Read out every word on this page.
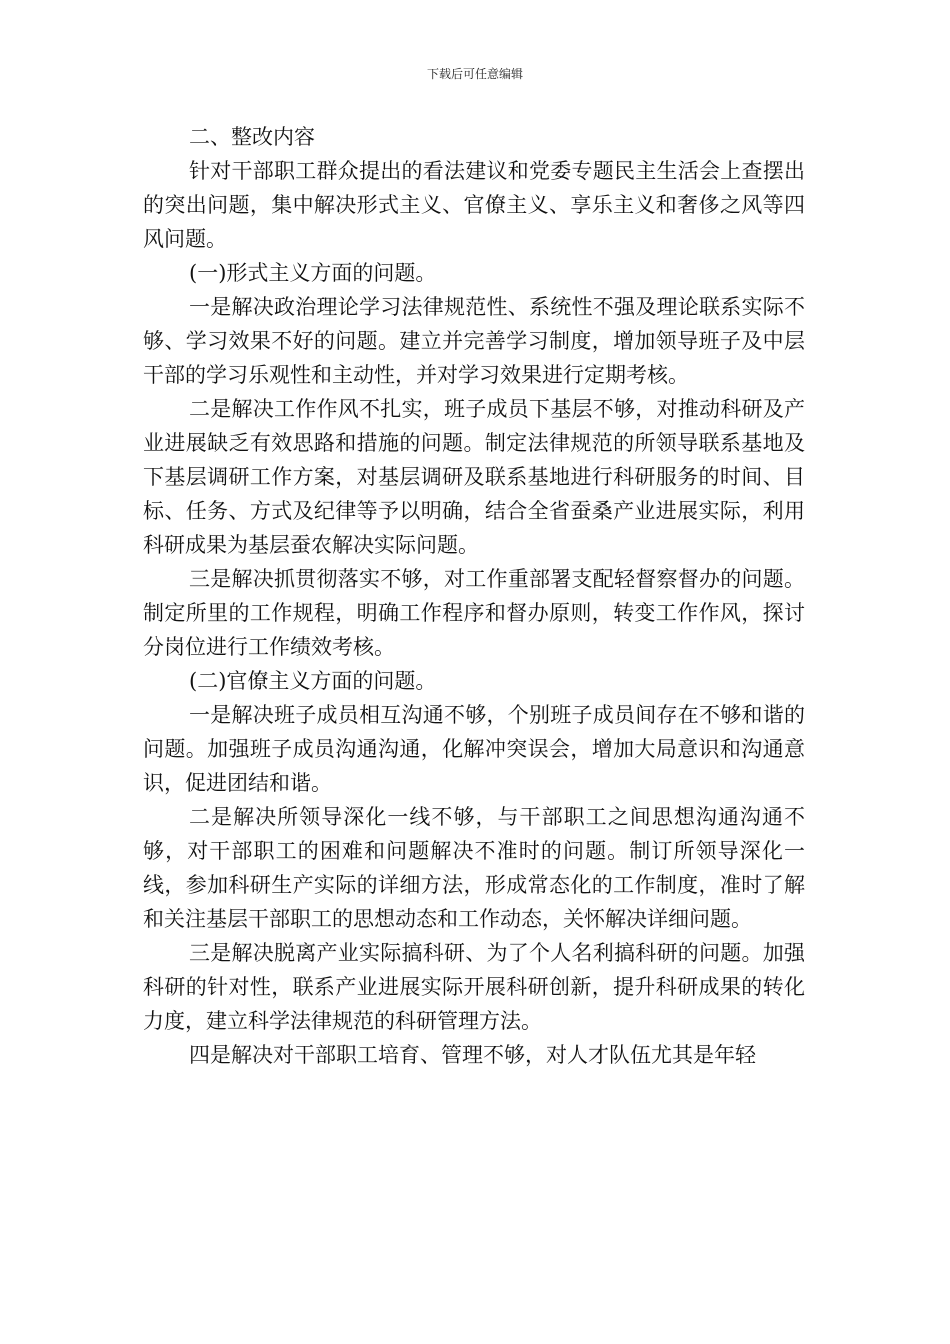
下载后可任意编辑

二、整改内容

针对干部职工群众提出的看法建议和党委专题民主生活会上查摆出的突出问题，集中解决形式主义、官僚主义、享乐主义和奢侈之风等四风问题。

(一)形式主义方面的问题。

一是解决政治理论学习法律规范性、系统性不强及理论联系实际不够、学习效果不好的问题。建立并完善学习制度，增加领导班子及中层干部的学习乐观性和主动性，并对学习效果进行定期考核。

二是解决工作作风不扎实，班子成员下基层不够，对推动科研及产业进展缺乏有效思路和措施的问题。制定法律规范的所领导联系基地及下基层调研工作方案，对基层调研及联系基地进行科研服务的时间、目标、任务、方式及纪律等予以明确，结合全省蚕桑产业进展实际，利用科研成果为基层蚕农解决实际问题。

三是解决抓贯彻落实不够，对工作重部署支配轻督察督办的问题。制定所里的工作规程，明确工作程序和督办原则，转变工作作风，探讨分岗位进行工作绩效考核。

(二)官僚主义方面的问题。

一是解决班子成员相互沟通不够，个别班子成员间存在不够和谐的问题。加强班子成员沟通沟通，化解冲突误会，增加大局意识和沟通意识，促进团结和谐。

二是解决所领导深化一线不够，与干部职工之间思想沟通沟通不够，对干部职工的困难和问题解决不准时的问题。制订所领导深化一线，参加科研生产实际的详细方法，形成常态化的工作制度，准时了解和关注基层干部职工的思想动态和工作动态，关怀解决详细问题。

三是解决脱离产业实际搞科研、为了个人名利搞科研的问题。加强科研的针对性，联系产业进展实际开展科研创新，提升科研成果的转化力度，建立科学法律规范的科研管理方法。

四是解决对干部职工培育、管理不够，对人才队伍尤其是年轻
